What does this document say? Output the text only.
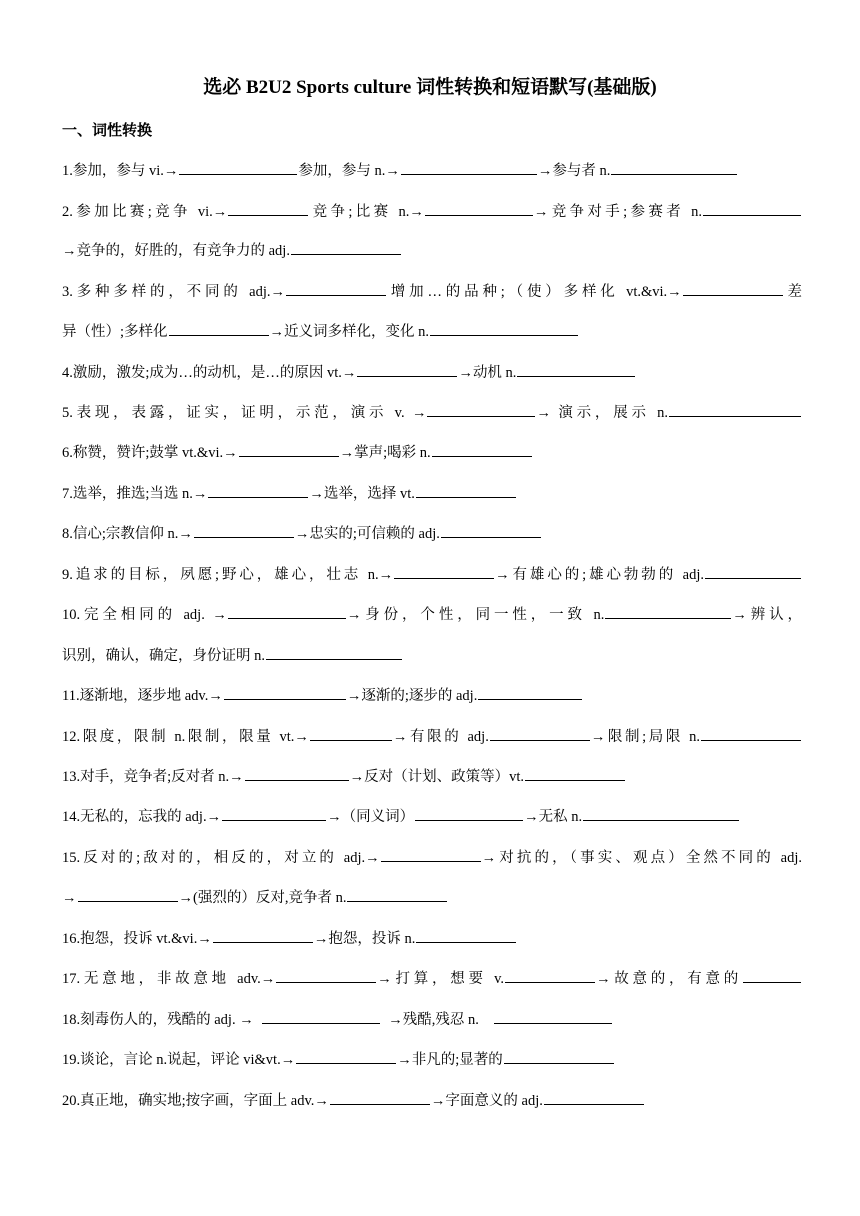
选必 B2U2 Sports culture 词性转换和短语默写(基础版)
一、词性转换
1.参加，参与 vi.→	参加，参与 n.→	→参与者 n.
2.参加比赛;竞争 vi.→	竞争;比赛 n.→	→竞争对手;参赛者 n.
→竞争的，好胜的，有竞争力的 adj.
3.多种多样的，不同的 adj.→	增加…的品种;（使）多样化 vt.&vi.→	差
异（性）;多样化	→近义词多样化，变化 n.
4.激励，激发;成为…的动机，是…的原因 vt.→	→动机 n.
5.表现，表露，证实，证明，示范，演示 v. →	→ 演示，展示 n.
6.称赞，赞许;鼓掌 vt.&vi.→	→掌声;喝彩 n.
7.选举，推选;当选 n.→	→选举，选择 vt.
8.信心;宗教信仰 n.→	→忠实的;可信赖的 adj.
9.追求的目标，夙愿;野心，雄心，壮志 n.→	→有雄心的;雄心勃勃的 adj.
10.完全相同的 adj. →	→身份，个性，同一性，一致 n.	→辨认，
识别，确认，确定，身份证明 n.
11.逐渐地，逐步地 adv.→	→逐渐的;逐步的 adj.
12.限度，限制 n.限制，限量 vt.→	→有限的 adj.	→限制;局限 n.
13.对手，竞争者;反对者 n.→	→反对（计划、政策等）vt.
14.无私的，忘我的 adj.→	→（同义词）	→无私 n.
15.反对的;敌对的，相反的，对立的 adj.→	→对抗的，（事实、观点）全然不同的 adj.
→	→(强烈的）反对,竞争者 n.
16.抱怨，投诉 vt.&vi.→	→抱怨，投诉 n.
17.无意地，非故意地 adv.→	→打算，想要 v.	→故意的，有意的
18.刻毒伤人的，残酷的 adj. →	→残酷,残忍 n.
19.谈论，言论 n.说起，评论 vi&vt.→	→非凡的;显著的
20.真正地，确实地;按字画，字面上 adv.→	→字面意义的 adj.
